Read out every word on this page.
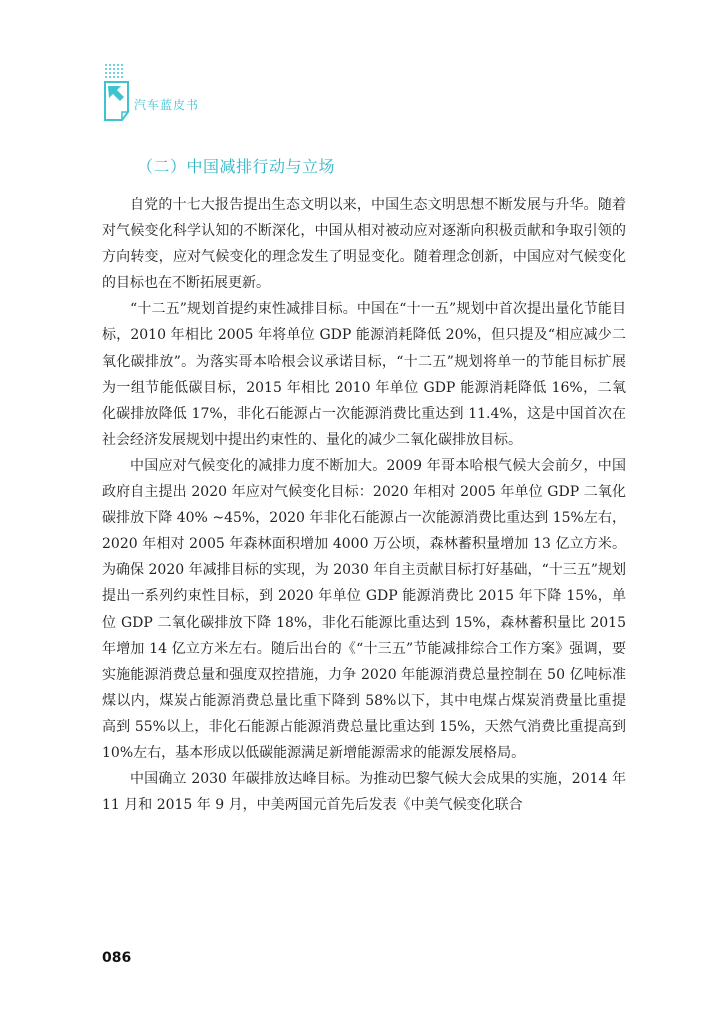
汽车蓝皮书
（二）中国减排行动与立场

自党的十七大报告提出生态文明以来，中国生态文明思想不断发展与升华。随着对气候变化科学认知的不断深化，中国从相对被动应对逐渐向积极贡献和争取引领的方向转变，应对气候变化的理念发生了明显变化。随着理念创新，中国应对气候变化的目标也在不断拓展更新。

“十二五”规划首提约束性减排目标。中国在“十一五”规划中首次提出量化节能目标，2010 年相比 2005 年将单位 GDP 能源消耗降低 20%，但只提及“相应减少二氧化碳排放”。为落实哥本哈根会议承诺目标，“十二五”规划将单一的节能目标扩展为一组节能低碳目标，2015 年相比 2010 年单位 GDP 能源消耗降低 16%，二氧化碳排放降低 17%，非化石能源占一次能源消费比重达到 11.4%，这是中国首次在社会经济发展规划中提出约束性的、量化的减少二氧化碳排放目标。

中国应对气候变化的减排力度不断加大。2009 年哥本哈根气候大会前夕，中国政府自主提出 2020 年应对气候变化目标：2020 年相对 2005 年单位 GDP 二氧化碳排放下降 40% ~45%，2020 年非化石能源占一次能源消费比重达到 15%左右，2020 年相对 2005 年森林面积增加 4000 万公顷，森林蓄积量增加 13 亿立方米。为确保 2020 年减排目标的实现，为 2030 年自主贡献目标打好基础，“十三五”规划提出一系列约束性目标，到 2020 年单位 GDP 能源消费比 2015 年下降 15%，单位 GDP 二氧化碳排放下降 18%，非化石能源比重达到 15%，森林蓄积量比 2015 年增加 14 亿立方米左右。随后出台的《“十三五”节能减排综合工作方案》强调，要实施能源消费总量和强度双控措施，力争 2020 年能源消费总量控制在 50 亿吨标准煤以内，煤炭占能源消费总量比重下降到 58%以下，其中电煤占煤炭消费量比重提高到 55%以上，非化石能源占能源消费总量比重达到 15%，天然气消费比重提高到 10%左右，基本形成以低碳能源满足新增能源需求的能源发展格局。

中国确立 2030 年碳排放达峰目标。为推动巴黎气候大会成果的实施，2014 年 11 月和 2015 年 9 月，中美两国元首先后发表《中美气候变化联合

086
